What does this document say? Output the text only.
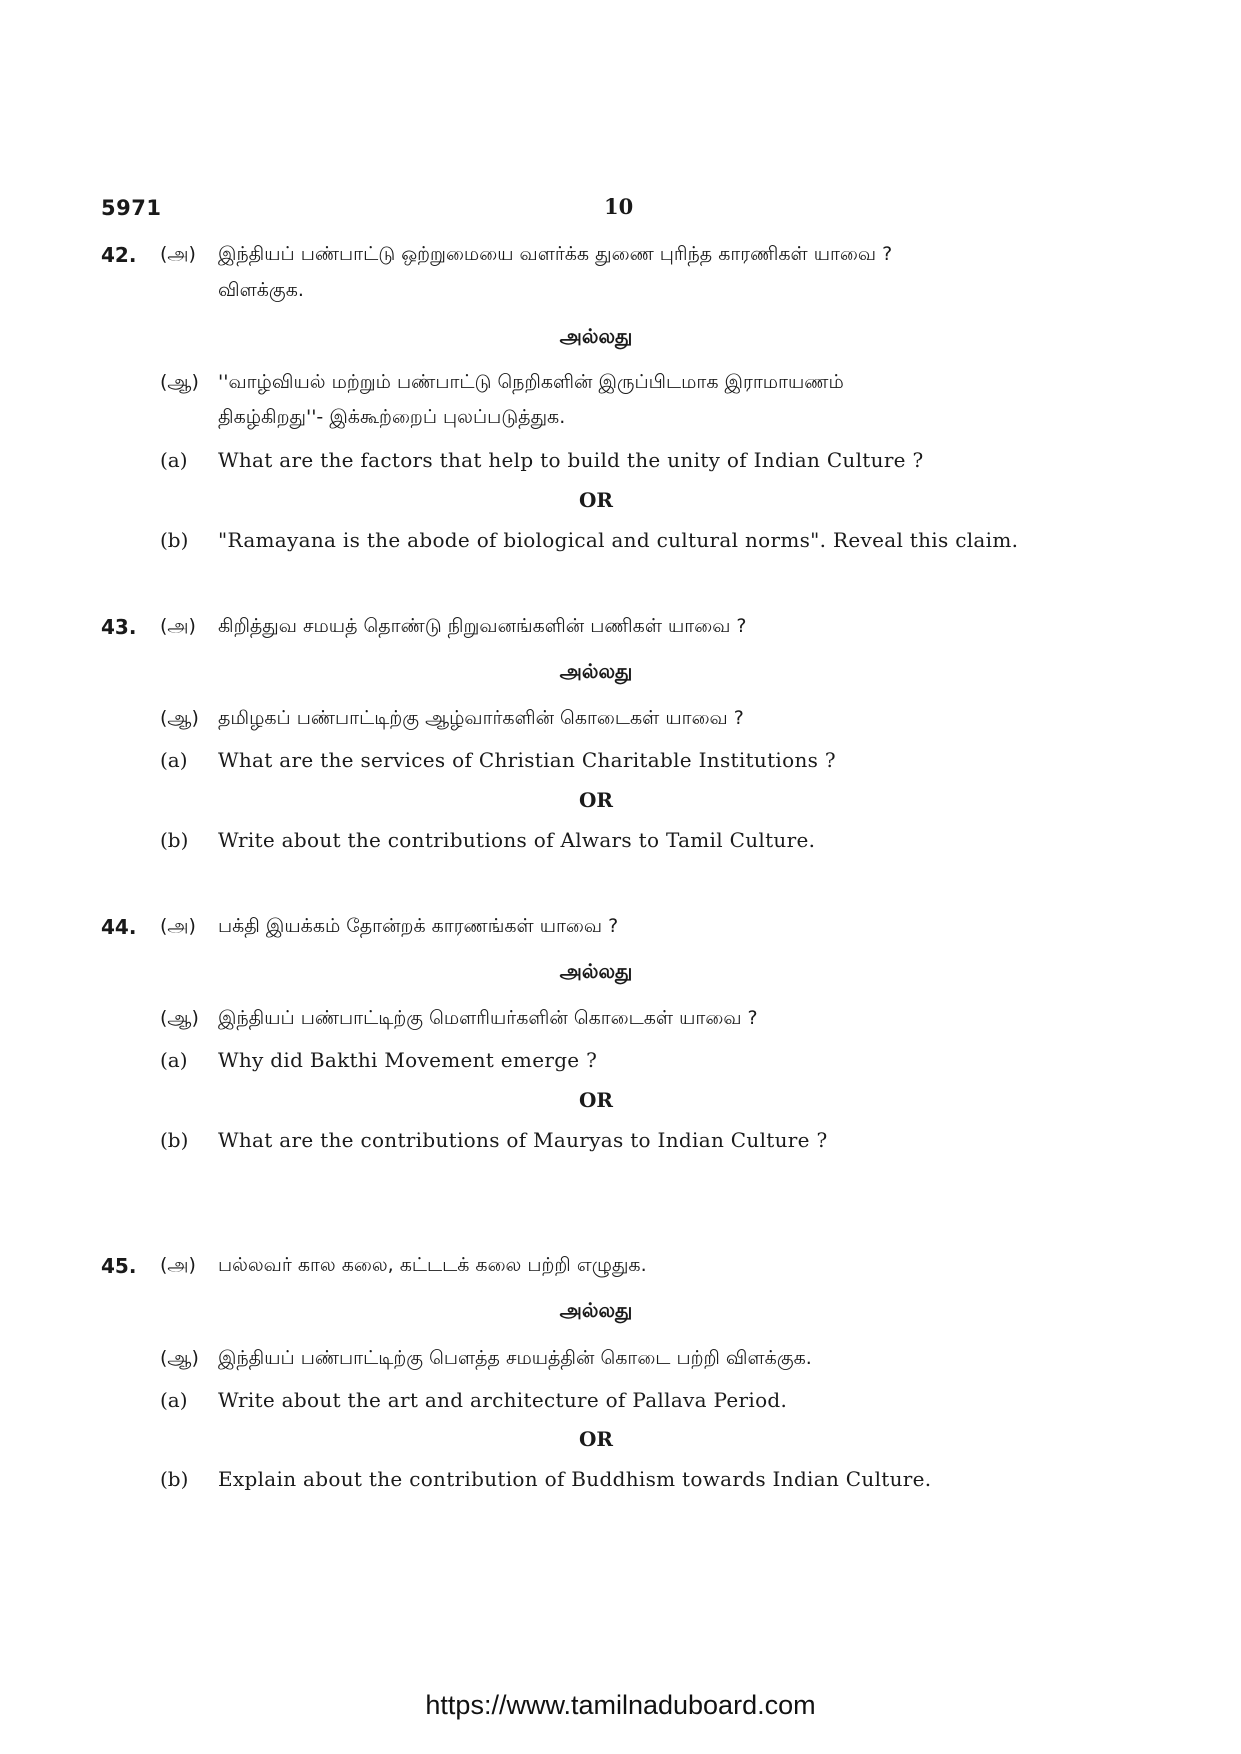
5971	10
42. (அ) இந்தியப் பண்பாட்டு ஒற்றுமையை வளர்க்க துணை புரிந்த காரணிகள் யாவை ?
விளக்குக.
அல்லது
(ஆ) ''வாழ்வியல் மற்றும் பண்பாட்டு நெறிகளின் இருப்பிடமாக இராமாயணம்
திகழ்கிறது''- இக்கூற்றைப் புலப்படுத்துக.
(a) What are the factors that help to build the unity of Indian Culture ?
OR
(b) "Ramayana is the abode of biological and cultural norms". Reveal this claim.
43. (அ) கிறித்துவ சமயத் தொண்டு நிறுவனங்களின் பணிகள் யாவை ?
அல்லது
(ஆ) தமிழகப் பண்பாட்டிற்கு ஆழ்வார்களின் கொடைகள் யாவை ?
(a) What are the services of Christian Charitable Institutions ?
OR
(b) Write about the contributions of Alwars to Tamil Culture.
44. (அ) பக்தி இயக்கம் தோன்றக் காரணங்கள் யாவை ?
அல்லது
(ஆ) இந்தியப் பண்பாட்டிற்கு மௌரியர்களின் கொடைகள் யாவை ?
(a) Why did Bakthi Movement emerge ?
OR
(b) What are the contributions of Mauryas to Indian Culture ?
45. (அ) பல்லவர் கால கலை, கட்டடக் கலை பற்றி எழுதுக.
அல்லது
(ஆ) இந்தியப் பண்பாட்டிற்கு பௌத்த சமயத்தின் கொடை பற்றி விளக்குக.
(a) Write about the art and architecture of Pallava Period.
OR
(b) Explain about the contribution of Buddhism towards Indian Culture.
https://www.tamilnaduboard.com
